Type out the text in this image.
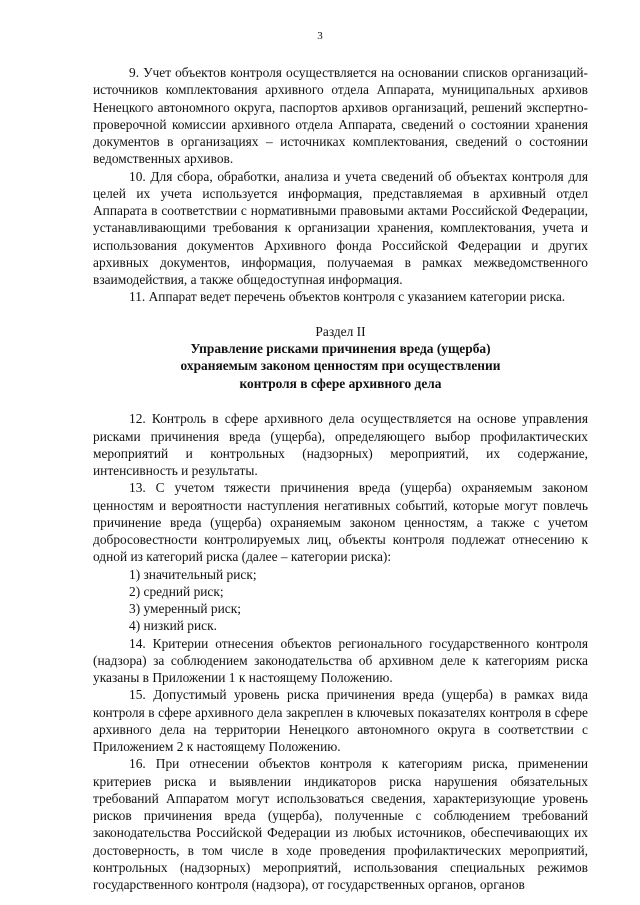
3

9. Учет объектов контроля осуществляется на основании списков организаций-источников комплектования архивного отдела Аппарата, муниципальных архивов Ненецкого автономного округа, паспортов архивов организаций, решений экспертно-проверочной комиссии архивного отдела Аппарата, сведений о состоянии хранения документов в организациях – источниках комплектования, сведений о состоянии ведомственных архивов.

10. Для сбора, обработки, анализа и учета сведений об объектах контроля для целей их учета используется информация, представляемая в архивный отдел Аппарата в соответствии с нормативными правовыми актами Российской Федерации, устанавливающими требования к организации хранения, комплектования, учета и использования документов Архивного фонда Российской Федерации и других архивных документов, информация, получаемая в рамках межведомственного взаимодействия, а также общедоступная информация.

11. Аппарат ведет перечень объектов контроля с указанием категории риска.

Раздел II

Управление рисками причинения вреда (ущерба)

охраняемым законом ценностям при осуществлении

контроля в сфере архивного дела

12. Контроль в сфере архивного дела осуществляется на основе управления рисками причинения вреда (ущерба), определяющего выбор профилактических мероприятий и контрольных (надзорных) мероприятий, их содержание, интенсивность и результаты.

13. С учетом тяжести причинения вреда (ущерба) охраняемым законом ценностям и вероятности наступления негативных событий, которые могут повлечь причинение вреда (ущерба) охраняемым законом ценностям, а также с учетом добросовестности контролируемых лиц, объекты контроля подлежат отнесению к одной из категорий риска (далее – категории риска):

1) значительный риск;
2) средний риск;
3) умеренный риск;
4) низкий риск.

14. Критерии отнесения объектов регионального государственного контроля (надзора) за соблюдением законодательства об архивном деле к категориям риска указаны в Приложении 1 к настоящему Положению.

15. Допустимый уровень риска причинения вреда (ущерба) в рамках вида контроля в сфере архивного дела закреплен в ключевых показателях контроля в сфере архивного дела на территории Ненецкого автономного округа в соответствии с Приложением 2 к настоящему Положению.

16. При отнесении объектов контроля к категориям риска, применении критериев риска и выявлении индикаторов риска нарушения обязательных требований Аппаратом могут использоваться сведения, характеризующие уровень рисков причинения вреда (ущерба), полученные с соблюдением требований законодательства Российской Федерации из любых источников, обеспечивающих их достоверность, в том числе в ходе проведения профилактических мероприятий, контрольных (надзорных) мероприятий, использования специальных режимов государственного контроля (надзора), от государственных органов, органов
